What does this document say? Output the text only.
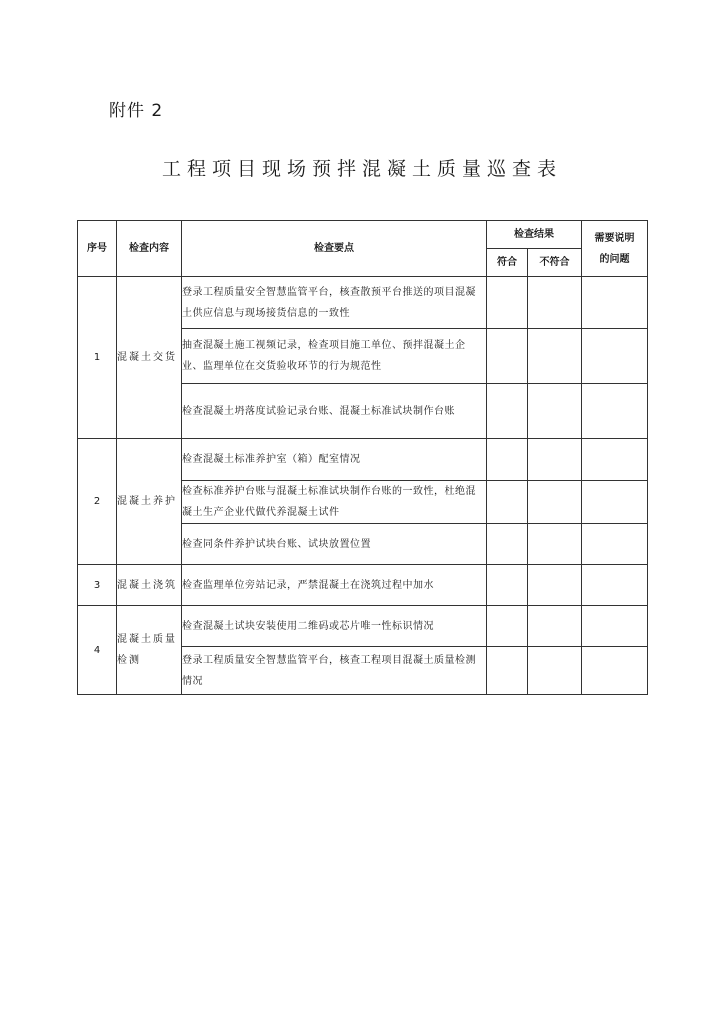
附件 2
工程项目现场预拌混凝土质量巡查表
序号	检查内容	检查要点	检查结果		需要说明的问题
			符合	不符合	
1	混凝土交货	登录工程质量安全智慧监管平台，核查散预平台推送的项目混凝土供应信息与现场接货信息的一致性			
		抽查混凝土施工视频记录，检查项目施工单位、预拌混凝土企业、监理单位在交货验收环节的行为规范性			
		检查混凝土坍落度试验记录台账、混凝土标准试块制作台账			
2	混凝土养护	检查混凝土标准养护室（箱）配室情况			
		检查标准养护台账与混凝土标准试块制作台账的一致性，杜绝混凝土生产企业代做代养混凝土试件			
		检查同条件养护试块台账、试块放置位置			
3	混凝土浇筑	检查监理单位旁站记录，严禁混凝土在浇筑过程中加水			
4	混凝土质量检测	检查混凝土试块安装使用二维码或芯片唯一性标识情况			
		登录工程质量安全智慧监管平台，核查工程项目混凝土质量检测情况			
